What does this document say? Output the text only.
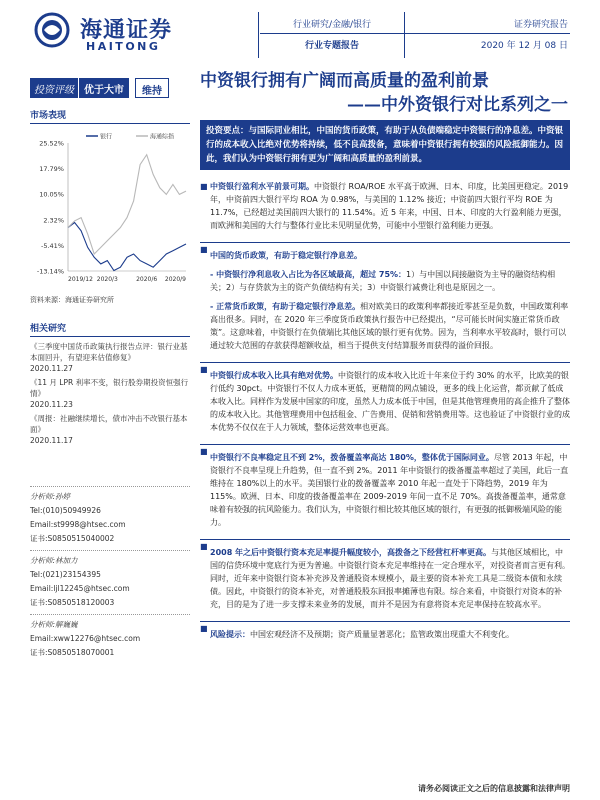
海通证券
HAITONG
行业研究/金融/银行
行业专题报告
证券研究报告
2020 年 12 月 08 日
投资评级	优于大市	维持
中资银行拥有广阔而高质量的盈利前景
——中外资银行对比系列之一
市场表现
银行	海通综指
25.52%
17.79%
10.05%
2.32%
-5.41%
-13.14%
2019/12 2020/3	2020/6 2020/9
资料来源：海通证券研究所
相关研究
《三季度中国货币政策执行报告点评：银行业基本面回升，有望迎来估值修复》
2020.11.27
《11 月 LPR 利率不变，银行股券期投资恒强行情》
2020.11.23
《周报：社融继续增长，债市冲击不改银行基本面》
2020.11.17
分析师:孙婷
Tel:(010)50949926
Email:st9998@htsec.com
证书:S0850515040002
分析师:林加力
Tel:(021)23154395
Email:ljl12245@htsec.com
证书:S0850518120003
分析师:解巍巍
Email:xww12276@htsec.com
证书:S0850518070001
投资要点：与国际同业相比，中国的货币政策，有助于从负债端稳定中资银行的净息差。中资银行的成本收入比绝对优势将持续，低不良高拨备，意味着中资银行拥有较强的风险抵御能力。因此，我们认为中资银行拥有更为广阔和高质量的盈利前景。
■ 中资银行盈利水平前景可期。中资银行 ROA/ROE 水平高于欧洲、日本、印度，比美国更稳定。2019 年，中资前四大银行平均 ROA 为 0.98%，与美国的 1.12% 接近；中资前四大银行平均 ROE 为 11.7%，已经超过美国前四大银行的 11.54%。近 5 年来，中国、日本、印度的大行盈利能力更强，而欧洲和美国的大行与整体行业比未见明显优势，可能中小型银行盈利能力更强。
■
中国的货币政策，有助于稳定银行净息差。
- 中资银行净利息收入占比为各区域最高，超过 75%：1）与中国以间接融资为主导的融资结构相关；2）与存贷款为主的资产负债结构有关；3）中资银行减费让利也是原因之一。
- 正常货币政策，有助于稳定银行净息差。相对欧美日的政策利率都接近零甚至是负数，中国政策利率高出很多。同时，在 2020 年三季度货币政策执行报告中已经提出，“尽可能长时间实施正常货币政策”。这意味着，中资银行在负债端比其他区域的银行更有优势。因为，当利率水平较高时，银行可以通过较大范围的存款获得超额收益，相当于提供支付结算服务而获得的溢价回报。
■
中资银行成本收入比具有绝对优势。中资银行的成本收入比近十年来位于约 30% 的水平，比欧美的银行低约 30pct。中资银行不仅人力成本更低，更精简的网点铺设，更多的线上化运营，都贡献了低成本收入比。同样作为发展中国家的印度，虽然人力成本低于中国，但是其他管理费用的高企推升了整体的成本收入比。其他管理费用中包括租金、广告费用、促销和营销费用等。这也验证了中资银行业的成本优势不仅仅在于人力领域，整体运营效率也更高。
■
中资银行不良率稳定且不到 2%，拨备覆盖率高达 180%，整体优于国际同业。尽管 2013 年起，中资银行不良率呈现上升趋势，但一直不到 2%。2011 年中资银行的拨备覆盖率超过了美国，此后一直维持在 180%以上的水平。美国银行业的拨备覆盖率 2010 年起一直处于下降趋势，2019 年为 115%。欧洲、日本、印度的拨备覆盖率在 2009-2019 年间一直不足 70%。高拨备覆盖率，通常意味着有较强的抗风险能力。我们认为，中资银行相比较其他区域的银行，有更强的抵御极端风险的能力。
■
2008 年之后中资银行资本充足率提升幅度较小，高拨备之下经营杠杆率更高。与其他区域相比，中国的信贷环境中宽底行为更为普遍。中资银行资本充足率维持在一定合理水平，对投资者而言更有利。同时，近年来中资银行资本补充涉及普通股资本规模小，最主要的资本补充工具是二级资本债和永续债。因此，中资银行的资本补充，对普通股股东回报率摊薄也有限。综合来看，中资银行对资本的补充，目的是为了进一步支撑未来业务的发展，而并不是因为有意将资本充足率保持在较高水平。
■
风险提示：中国宏观经济不及预期；资产质量显著恶化；监管政策出现重大不利变化。
请务必阅读正文之后的信息披露和法律声明
